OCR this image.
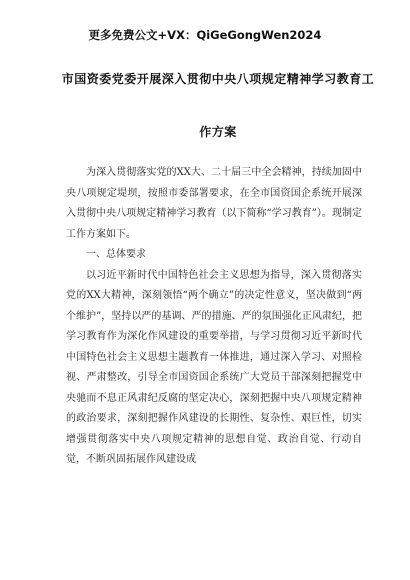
更多免费公文+VX：QiGeGongWen2024
市国资委党委开展深入贯彻中央八项规定精神学习教育工
作方案

为深入贯彻落实党的XX大、二十届三中全会精神，持续加固中央八项规定堤坝，按照市委部署要求，在全市国资国企系统开展深入贯彻中央八项规定精神学习教育（以下简称“学习教育”）。现制定工作方案如下。

一、总体要求

以习近平新时代中国特色社会主义思想为指导，深入贯彻落实党的XX大精神，深刻领悟“两个确立”的决定性意义，坚决做到“两个维护”，坚持以严的基调、严的措施、严的氛围强化正风肃纪，把学习教育作为深化作风建设的重要举措，与学习贯彻习近平新时代中国特色社会主义思想主题教育一体推进，通过深入学习、对照检视、严肃整改，引导全市国资国企系统广大党员干部深刻把握党中央驰而不息正风肃纪反腐的坚定决心，深刻把握中央八项规定精神的政治要求，深刻把握作风建设的长期性、复杂性、艰巨性，切实增强贯彻落实中央八项规定精神的思想自觉、政治自觉、行动自觉，不断巩固拓展作风建设成
